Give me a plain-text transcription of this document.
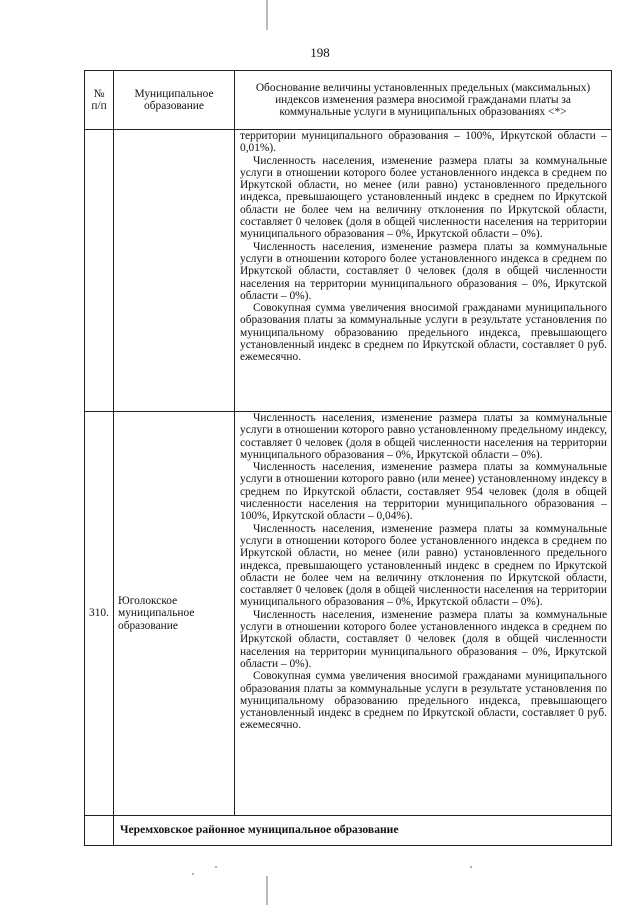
198
№ п/п	Муниципальное образование	Обоснование величины установленных предельных (максимальных) индексов изменения размера вносимой гражданами платы за коммунальные услуги в муниципальных образованиях <*>

		территории муниципального образования – 100%, Иркутской области – 0,01%).

Численность населения, изменение размера платы за коммунальные услуги в отношении которого более установленного индекса в среднем по Иркутской области, но менее (или равно) установленного предельного индекса, превышающего установленный индекс в среднем по Иркутской области не более чем на величину отклонения по Иркутской области, составляет 0 человек (доля в общей численности населения на территории муниципального образования – 0%, Иркутской области – 0%).

Численность населения, изменение размера платы за коммунальные услуги в отношении которого более установленного индекса в среднем по Иркутской области, составляет 0 человек (доля в общей численности населения на территории муниципального образования – 0%, Иркутской области – 0%).

Совокупная сумма увеличения вносимой гражданами муниципального образования платы за коммунальные услуги в результате установления по муниципальному образованию предельного индекса, превышающего установленный индекс в среднем по Иркутской области, составляет 0 руб. ежемесячно.

310.	Юголокское муниципальное образование	Численность населения, изменение размера платы за коммунальные услуги в отношении которого равно установленному предельному индексу, составляет 0 человек (доля в общей численности населения на территории муниципального образования – 0%, Иркутской области – 0%).

Численность населения, изменение размера платы за коммунальные услуги в отношении которого равно (или менее) установленному индексу в среднем по Иркутской области, составляет 954 человек (доля в общей численности населения на территории муниципального образования – 100%, Иркутской области – 0,04%).

Численность населения, изменение размера платы за коммунальные услуги в отношении которого более установленного индекса в среднем по Иркутской области, но менее (или равно) установленного предельного индекса, превышающего установленный индекс в среднем по Иркутской области не более чем на величину отклонения по Иркутской области, составляет 0 человек (доля в общей численности населения на территории муниципального образования – 0%, Иркутской области – 0%).

Численность населения, изменение размера платы за коммунальные услуги в отношении которого более установленного индекса в среднем по Иркутской области, составляет 0 человек (доля в общей численности населения на территории муниципального образования – 0%, Иркутской области – 0%).

Совокупная сумма увеличения вносимой гражданами муниципального образования платы за коммунальные услуги в результате установления по муниципальному образованию предельного индекса, превышающего установленный индекс в среднем по Иркутской области, составляет 0 руб. ежемесячно.

	Черемховское районное муниципальное образование	
